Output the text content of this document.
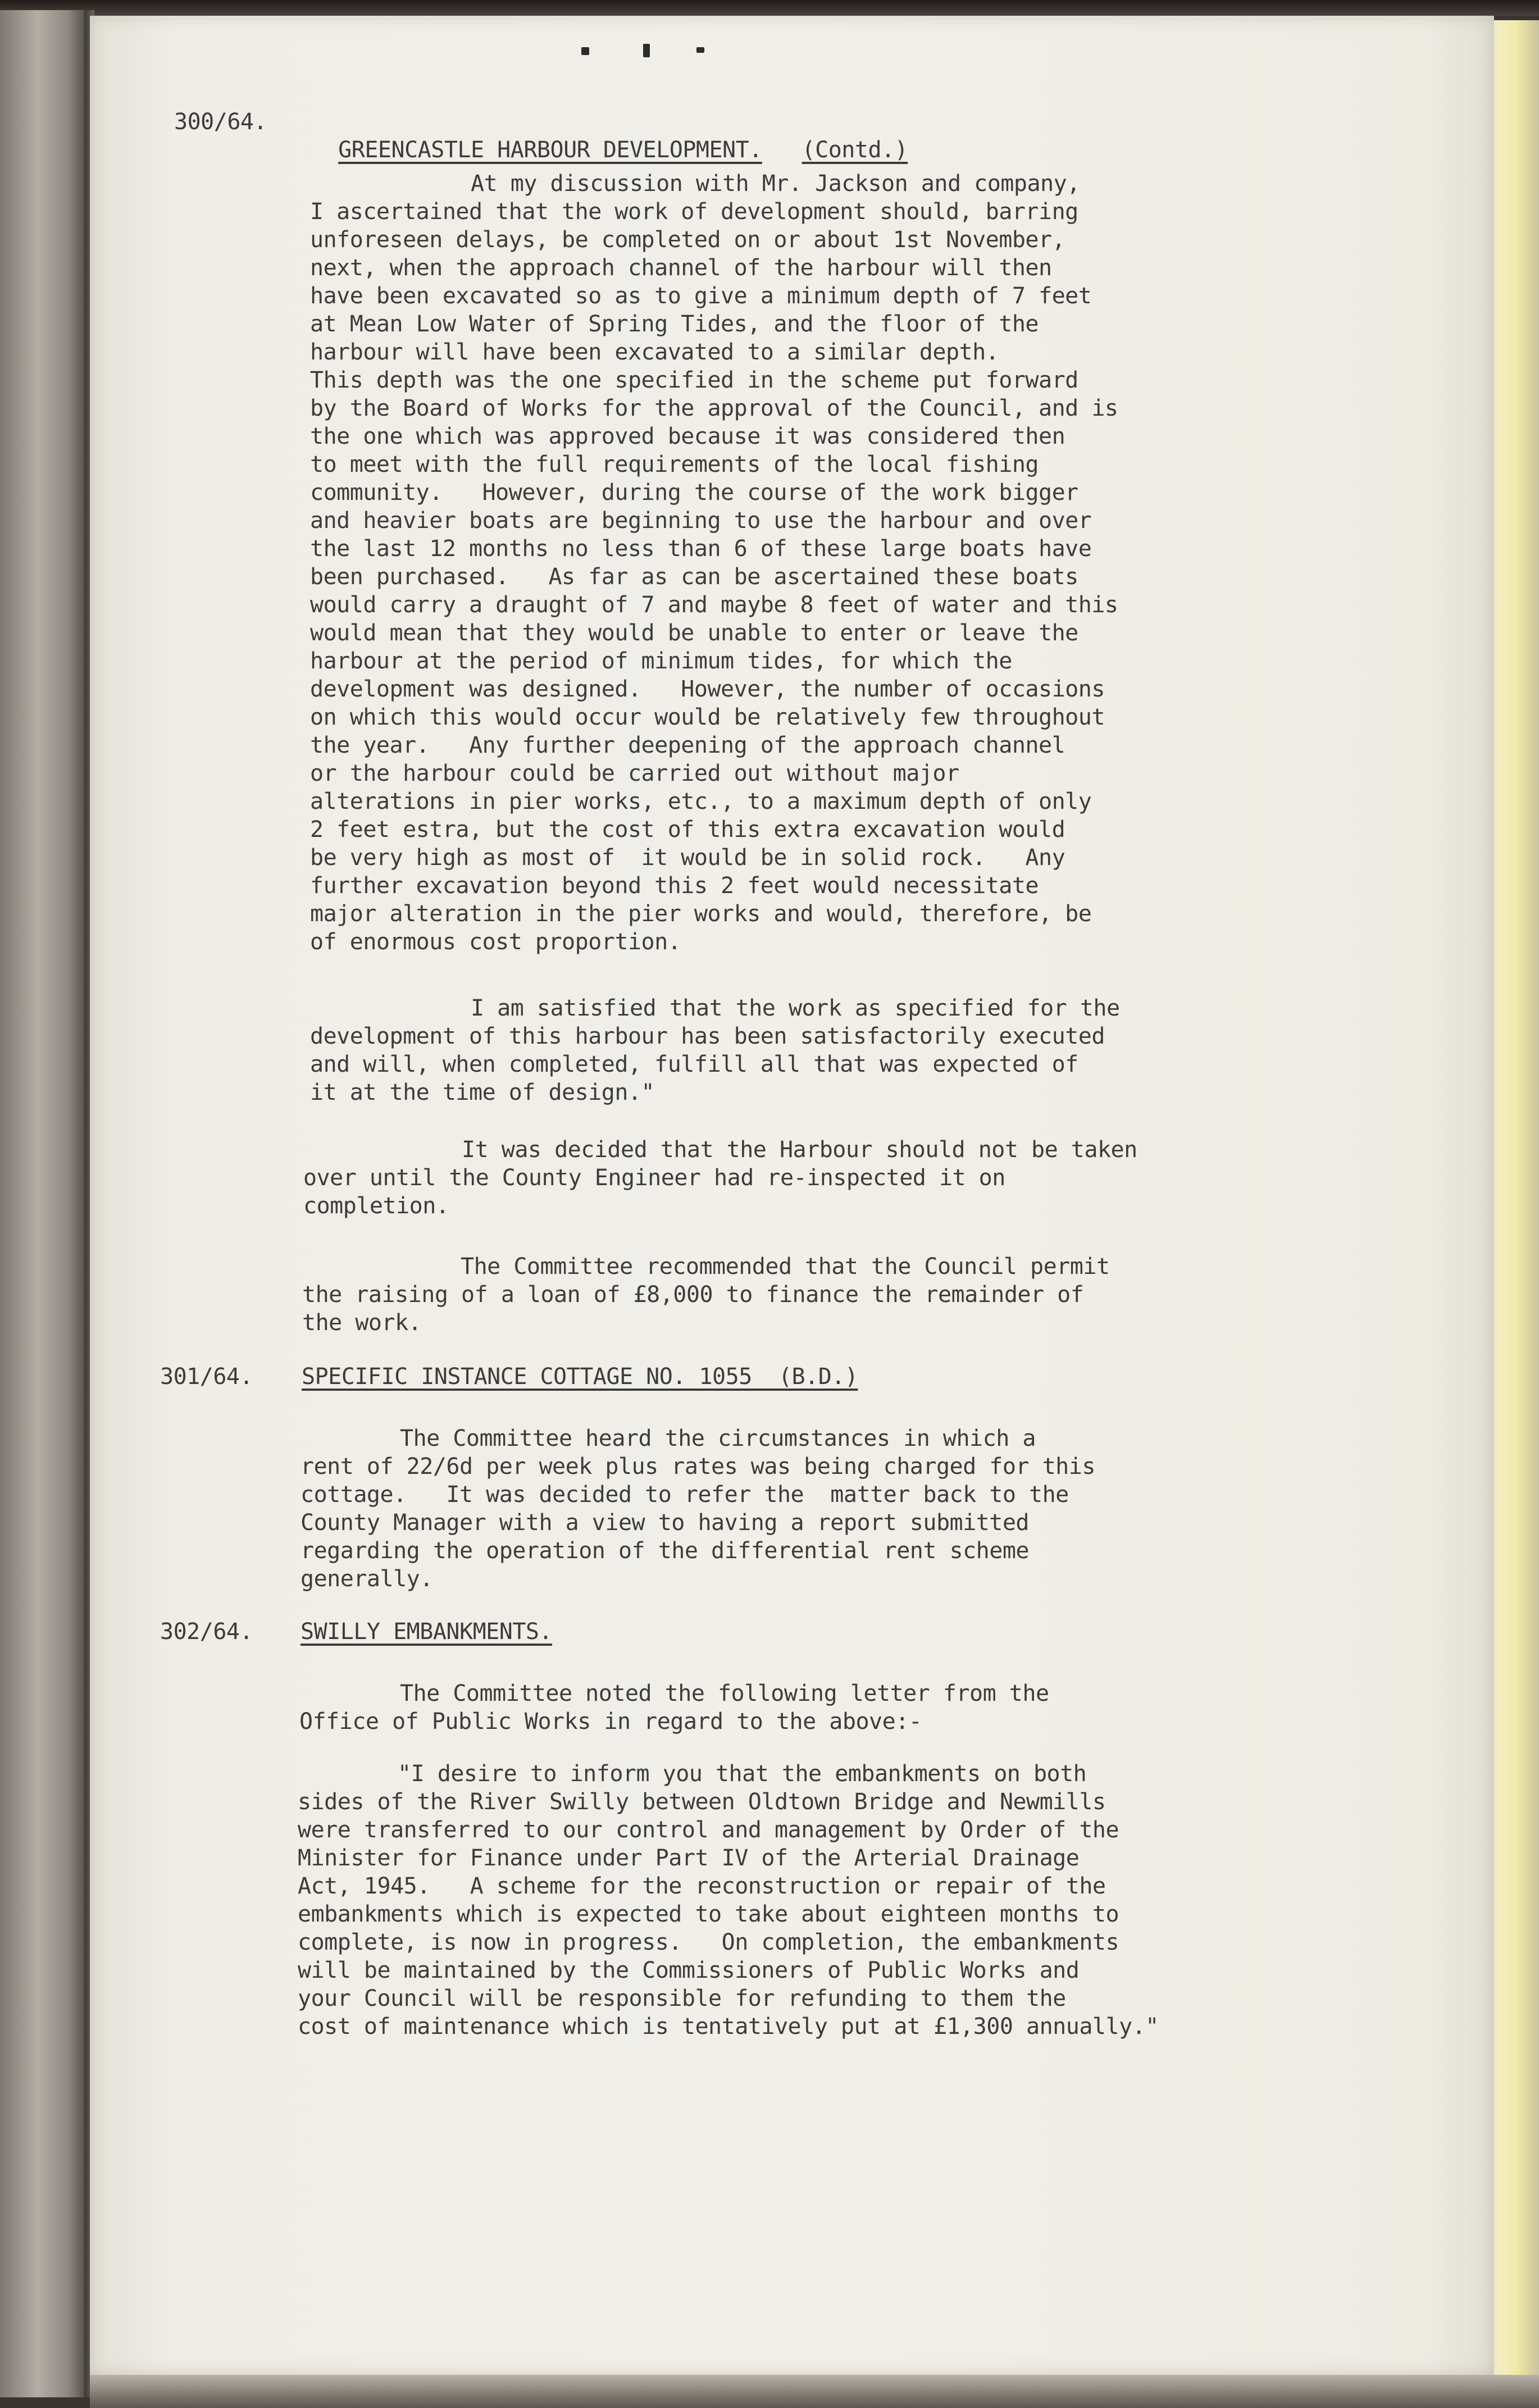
300/64.

GREENCASTLE HARBOUR DEVELOPMENT. (Contd.)

At my discussion with Mr. Jackson and company,
I ascertained that the work of development should, barring
unforeseen delays, be completed on or about 1st November,
next, when the approach channel of the harbour will then
have been excavated so as to give a minimum depth of 7 feet
at Mean Low Water of Spring Tides, and the floor of the
harbour will have been excavated to a similar depth.
This depth was the one specified in the scheme put forward
by the Board of Works for the approval of the Council, and is
the one which was approved because it was considered then
to meet with the full requirements of the local fishing
community.   However, during the course of the work bigger
and heavier boats are beginning to use the harbour and over
the last 12 months no less than 6 of these large boats have
been purchased.   As far as can be ascertained these boats
would carry a draught of 7 and maybe 8 feet of water and this
would mean that they would be unable to enter or leave the
harbour at the period of minimum tides, for which the
development was designed.   However, the number of occasions
on which this would occur would be relatively few throughout
the year.   Any further deepening of the approach channel
or the harbour could be carried out without major
alterations in pier works, etc., to a maximum depth of only
2 feet estra, but the cost of this extra excavation would
be very high as most of  it would be in solid rock.   Any
further excavation beyond this 2 feet would necessitate
major alteration in the pier works and would, therefore, be
of enormous cost proportion.
I am satisfied that the work as specified for the
development of this harbour has been satisfactorily executed
and will, when completed, fulfill all that was expected of
it at the time of design."
It was decided that the Harbour should not be taken
over until the County Engineer had re-inspected it on
completion.
The Committee recommended that the Council permit
the raising of a loan of £8,000 to finance the remainder of
the work.
301/64. SPECIFIC INSTANCE COTTAGE NO. 1055  (B.D.)
The Committee heard the circumstances in which a
rent of 22/6d per week plus rates was being charged for this
cottage.   It was decided to refer the  matter back to the
County Manager with a view to having a report submitted
regarding the operation of the differential rent scheme
generally.
302/64. SWILLY EMBANKMENTS.
The Committee noted the following letter from the
Office of Public Works in regard to the above:-
"I desire to inform you that the embankments on both
sides of the River Swilly between Oldtown Bridge and Newmills
were transferred to our control and management by Order of the
Minister for Finance under Part IV of the Arterial Drainage
Act, 1945.   A scheme for the reconstruction or repair of the
embankments which is expected to take about eighteen months to
complete, is now in progress.   On completion, the embankments
will be maintained by the Commissioners of Public Works and
your Council will be responsible for refunding to them the
cost of maintenance which is tentatively put at £1,300 annually."
